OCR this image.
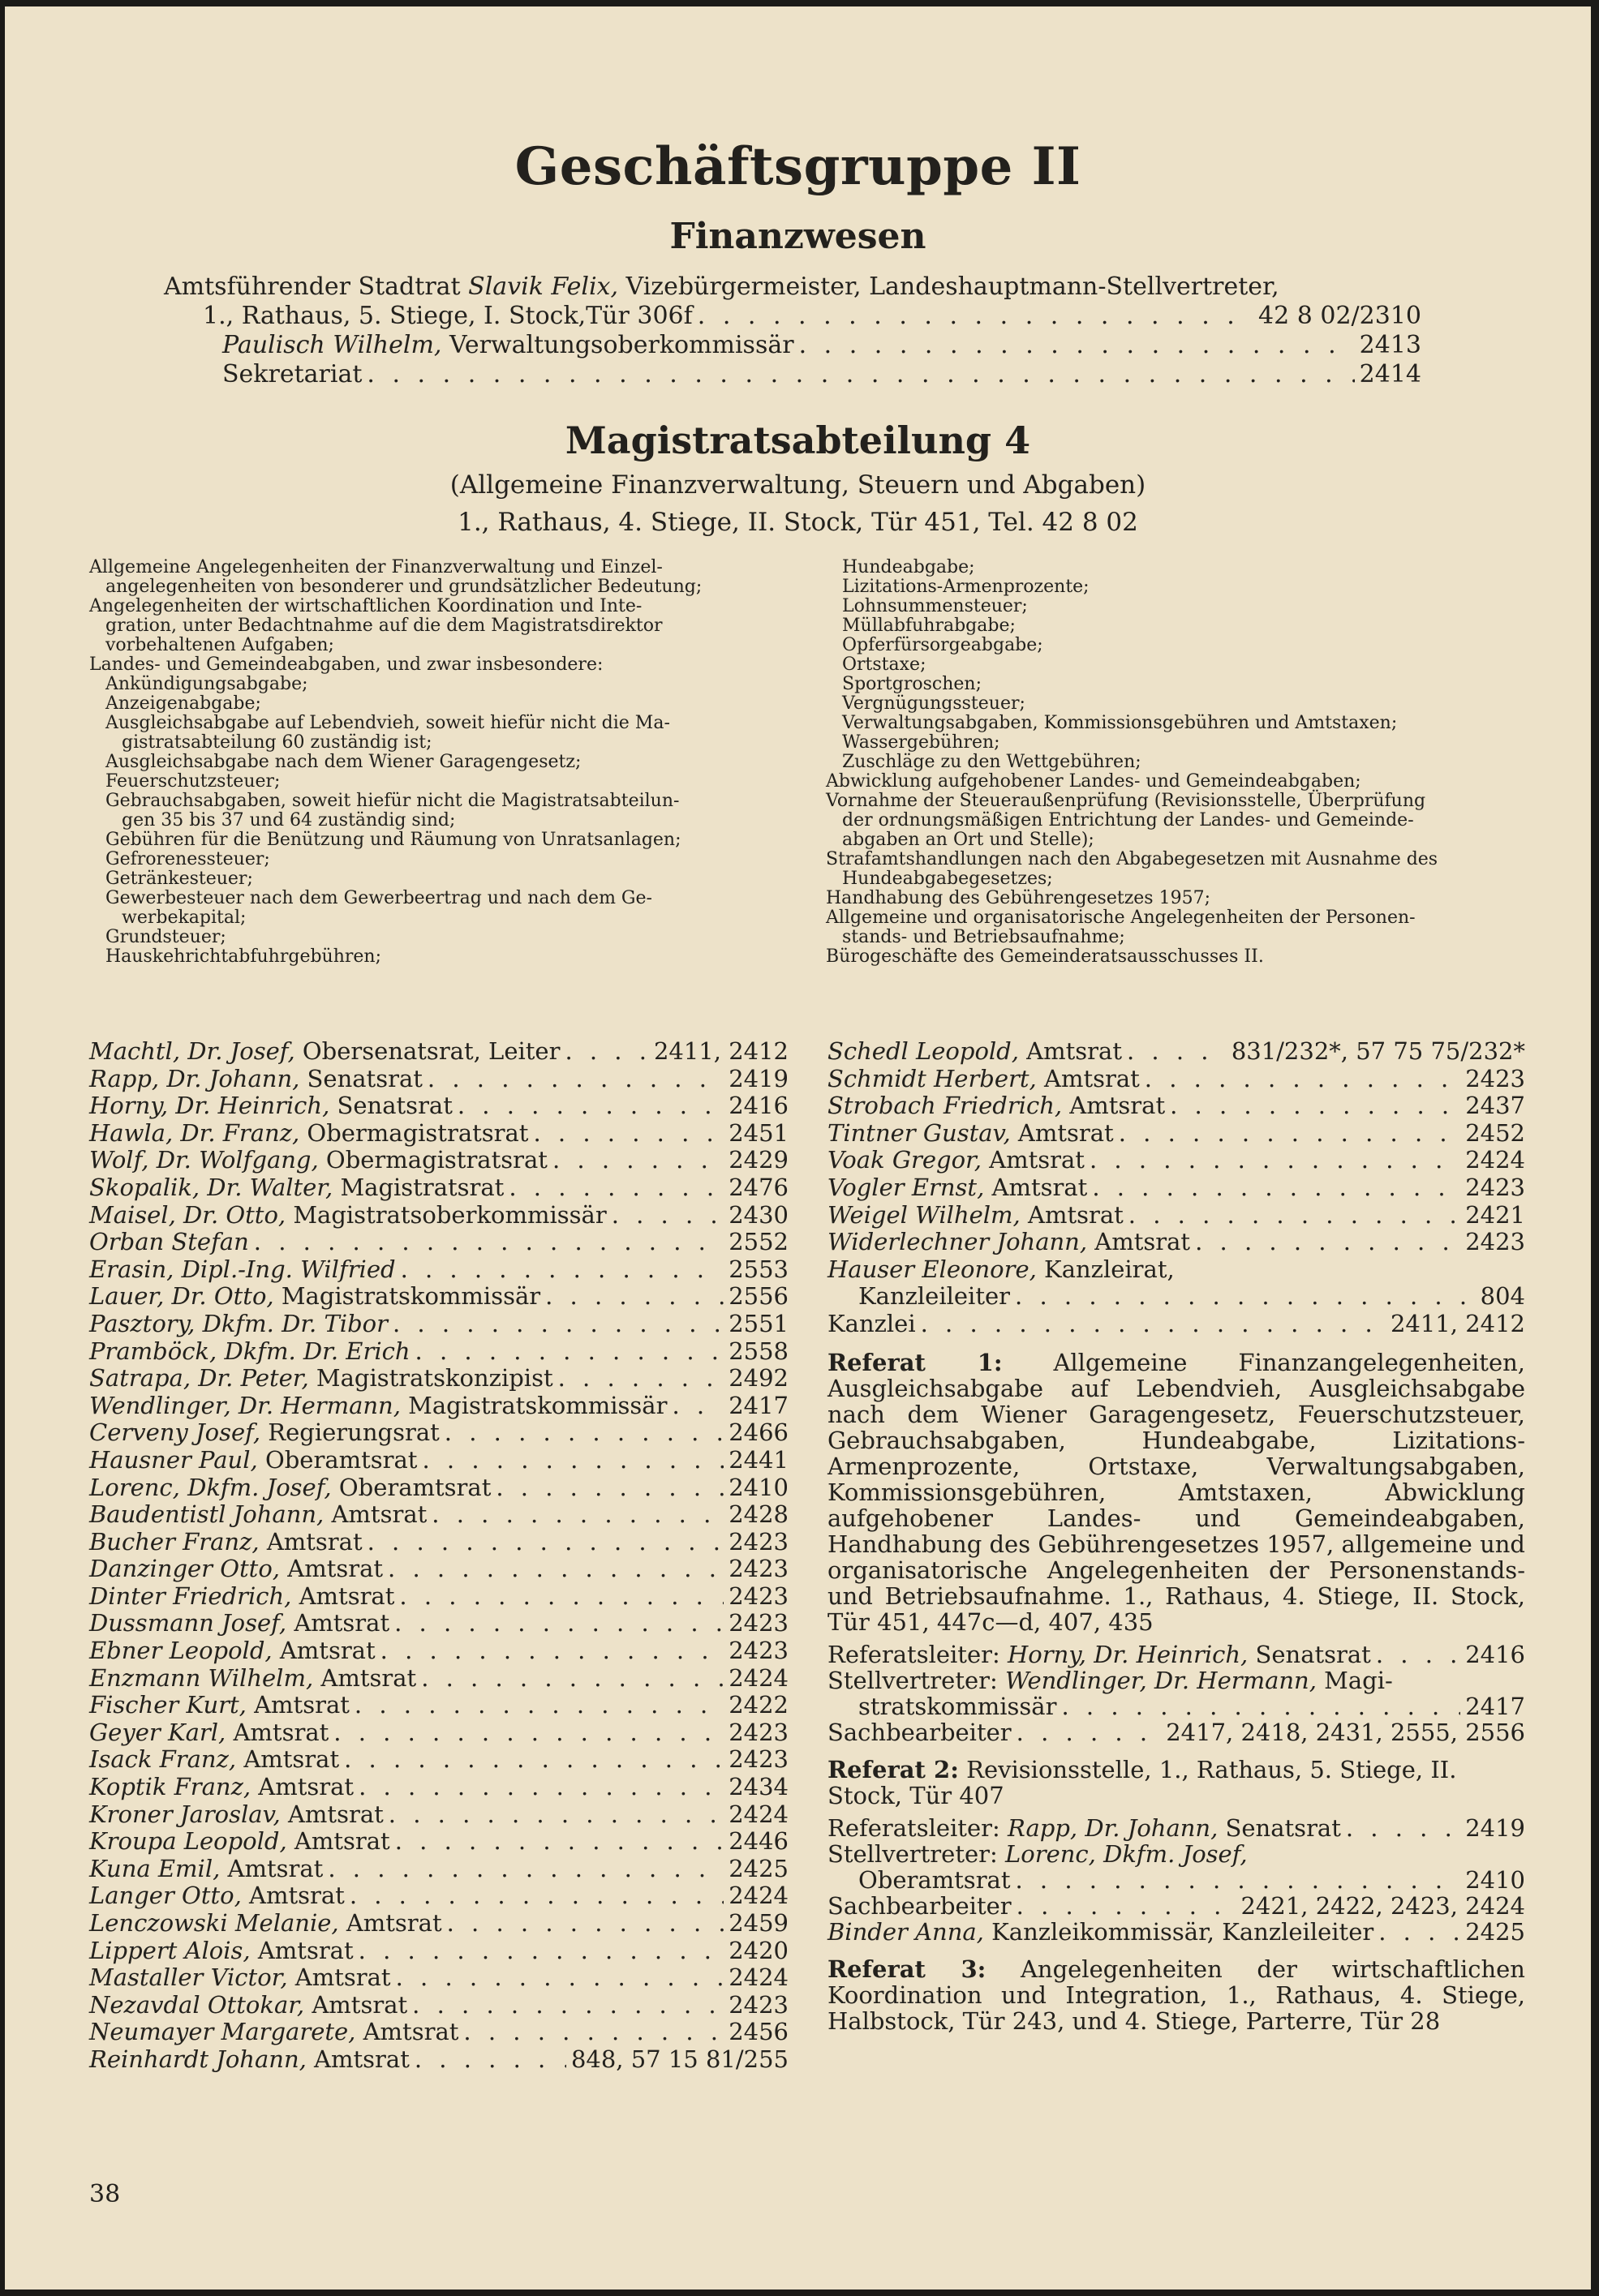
Geschäftsgruppe II
Finanzwesen
Amtsführender Stadtrat Slavik Felix, Vizebürgermeister, Landeshauptmann-Stellvertreter,
1., Rathaus, 5. Stiege, I. Stock,Tür 306f . . .	42 8 02/2310
Paulisch Wilhelm, Verwaltungsoberkommissär . . .	2413
Sekretariat . . .	2414
Magistratsabteilung 4
(Allgemeine Finanzverwaltung, Steuern und Abgaben)
1., Rathaus, 4. Stiege, II. Stock, Tür 451, Tel. 42 8 02

Allgemeine Angelegenheiten der Finanzverwaltung und Einzel-

angelegenheiten von besonderer und grundsätzlicher Bedeutung;

Angelegenheiten der wirtschaftlichen Koordination und Inte-

gration, unter Bedachtnahme auf die dem Magistratsdirektor

vorbehaltenen Aufgaben;

Landes- und Gemeindeabgaben, und zwar insbesondere:

Ankündigungsabgabe;

Anzeigenabgabe;

Ausgleichsabgabe auf Lebendvieh, soweit hiefür nicht die Ma-

gistratsabteilung 60 zuständig ist;

Ausgleichsabgabe nach dem Wiener Garagengesetz;

Feuerschutzsteuer;

Gebrauchsabgaben, soweit hiefür nicht die Magistratsabteilun-

gen 35 bis 37 und 64 zuständig sind;

Gebühren für die Benützung und Räumung von Unratsanlagen;

Gefrorenessteuer;

Getränkesteuer;

Gewerbesteuer nach dem Gewerbeertrag und nach dem Ge-

werbekapital;

Grundsteuer;

Hauskehrichtabfuhrgebühren;

Hundeabgabe;

Lizitations-Armenprozente;

Lohnsummensteuer;

Müllabfuhrabgabe;

Opferfürsorgeabgabe;

Ortstaxe;

Sportgroschen;

Vergnügungssteuer;

Verwaltungsabgaben, Kommissionsgebühren und Amtstaxen;

Wassergebühren;

Zuschläge zu den Wettgebühren;

Abwicklung aufgehobener Landes- und Gemeindeabgaben;

Vornahme der Steueraußenprüfung (Revisionsstelle, Überprüfung

der ordnungsmäßigen Entrichtung der Landes- und Gemeinde-

abgaben an Ort und Stelle);

Strafamtshandlungen nach den Abgabegesetzen mit Ausnahme des

Hundeabgabegesetzes;

Handhabung des Gebührengesetzes 1957;

Allgemeine und organisatorische Angelegenheiten der Personen-

stands- und Betriebsaufnahme;

Bürogeschäfte des Gemeinderatsausschusses II.

Machtl, Dr. Josef, Obersenatsrat, Leiter . . .	2411, 2412
Rapp, Dr. Johann, Senatsrat . . .	2419
Horny, Dr. Heinrich, Senatsrat . . .	2416
Hawla, Dr. Franz, Obermagistratsrat . . .	2451
Wolf, Dr. Wolfgang, Obermagistratsrat . . .	2429
Skopalik, Dr. Walter, Magistratsrat . . .	2476
Maisel, Dr. Otto, Magistratsoberkommissär . . .	2430
Orban Stefan . . .	2552
Erasin, Dipl.-Ing. Wilfried . . .	2553
Lauer, Dr. Otto, Magistratskommissär . . .	2556
Pasztory, Dkfm. Dr. Tibor . . .	2551
Pramböck, Dkfm. Dr. Erich . . .	2558
Satrapa, Dr. Peter, Magistratskonzipist . . .	2492
Wendlinger, Dr. Hermann, Magistratskommissär . . .	2417
Cerveny Josef, Regierungsrat . . .	2466
Hausner Paul, Oberamtsrat . . .	2441
Lorenc, Dkfm. Josef, Oberamtsrat . . .	2410
Baudentistl Johann, Amtsrat . . .	2428
Bucher Franz, Amtsrat . . .	2423
Danzinger Otto, Amtsrat . . .	2423
Dinter Friedrich, Amtsrat . . .	2423
Dussmann Josef, Amtsrat . . .	2423
Ebner Leopold, Amtsrat . . .	2423
Enzmann Wilhelm, Amtsrat . . .	2424
Fischer Kurt, Amtsrat . . .	2422
Geyer Karl, Amtsrat . . .	2423
Isack Franz, Amtsrat . . .	2423
Koptik Franz, Amtsrat . . .	2434
Kroner Jaroslav, Amtsrat . . .	2424
Kroupa Leopold, Amtsrat . . .	2446
Kuna Emil, Amtsrat . . .	2425
Langer Otto, Amtsrat . . .	2424
Lenczowski Melanie, Amtsrat . . .	2459
Lippert Alois, Amtsrat . . .	2420
Mastaller Victor, Amtsrat . . .	2424
Nezavdal Ottokar, Amtsrat . . .	2423
Neumayer Margarete, Amtsrat . . .	2456
Reinhardt Johann, Amtsrat . . .	848, 57 15 81/255
Schedl Leopold, Amtsrat . . .	831/232*, 57 75 75/232*
Schmidt Herbert, Amtsrat . . .	2423
Strobach Friedrich, Amtsrat . . .	2437
Tintner Gustav, Amtsrat . . .	2452
Voak Gregor, Amtsrat . . .	2424
Vogler Ernst, Amtsrat . . .	2423
Weigel Wilhelm, Amtsrat . . .	2421
Widerlechner Johann, Amtsrat . . .	2423
Hauser Eleonore, Kanzleirat,
Kanzleileiter . . .	804
Kanzlei . . .	2411, 2412

Referat 1: Allgemeine Finanzangelegenheiten, Ausgleichsabgabe auf Lebendvieh, Ausgleichsabgabe nach dem Wiener Garagengesetz, Feuerschutzsteuer, Gebrauchsabgaben, Hundeabgabe, Lizitations-Armenprozente, Ortstaxe, Verwaltungsabgaben, Kommissionsgebühren, Amtstaxen, Abwicklung aufgehobener Landes- und Gemeindeabgaben, Handhabung des Gebührengesetzes 1957, allgemeine und organisatorische Angelegenheiten der Personenstands- und Betriebsaufnahme. 1., Rathaus, 4. Stiege, II. Stock, Tür 451, 447c—d, 407, 435

Referatsleiter: Horny, Dr. Heinrich, Senatsrat . . .	2416
Stellvertreter: Wendlinger, Dr. Hermann, Magi-
stratskommissär . . .	2417
Sachbearbeiter . . .	2417, 2418, 2431, 2555, 2556

Referat 2: Revisionsstelle, 1., Rathaus, 5. Stiege, II. Stock, Tür 407

Referatsleiter: Rapp, Dr. Johann, Senatsrat . . .	2419
Stellvertreter: Lorenc, Dkfm. Josef,
Oberamtsrat . . .	2410
Sachbearbeiter . . .	2421, 2422, 2423, 2424
Binder Anna, Kanzleikommissär, Kanzleileiter . . .	2425

Referat 3: Angelegenheiten der wirtschaftlichen Koordination und Integration, 1., Rathaus, 4. Stiege, Halbstock, Tür 243, und 4. Stiege, Parterre, Tür 28

38
